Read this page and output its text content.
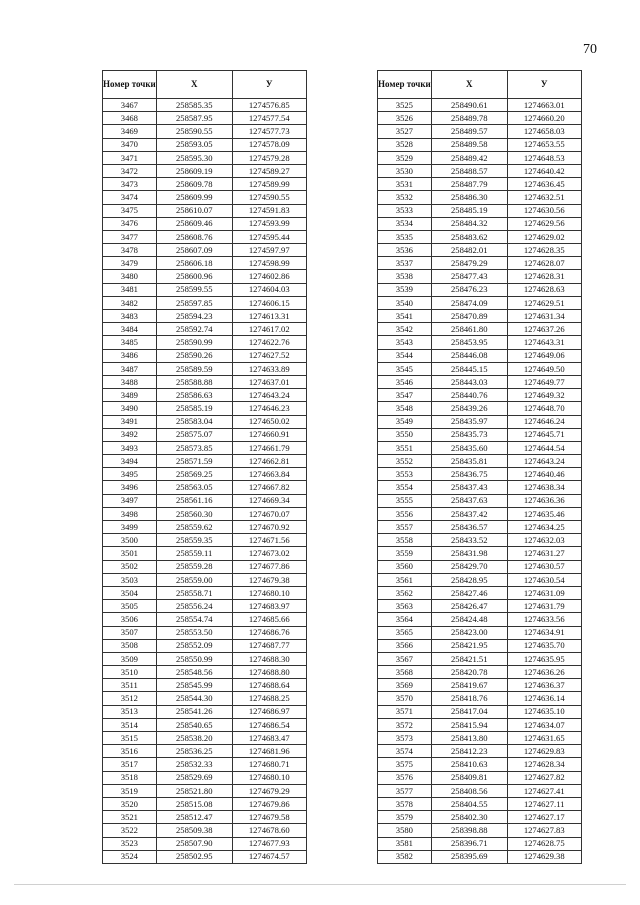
70
Номер точки	X	У
3467	258585.35	1274576.85
3468	258587.95	1274577.54
3469	258590.55	1274577.73
3470	258593.05	1274578.09
3471	258595.30	1274579.28
3472	258609.19	1274589.27
3473	258609.78	1274589.99
3474	258609.99	1274590.55
3475	258610.07	1274591.83
3476	258609.46	1274593.99
3477	258608.76	1274595.44
3478	258607.09	1274597.97
3479	258606.18	1274598.99
3480	258600.96	1274602.86
3481	258599.55	1274604.03
3482	258597.85	1274606.15
3483	258594.23	1274613.31
3484	258592.74	1274617.02
3485	258590.99	1274622.76
3486	258590.26	1274627.52
3487	258589.59	1274633.89
3488	258588.88	1274637.01
3489	258586.63	1274643.24
3490	258585.19	1274646.23
3491	258583.04	1274650.02
3492	258575.07	1274660.91
3493	258573.85	1274661.79
3494	258571.59	1274662.81
3495	258569.25	1274663.84
3496	258563.05	1274667.82
3497	258561.16	1274669.34
3498	258560.30	1274670.07
3499	258559.62	1274670.92
3500	258559.35	1274671.56
3501	258559.11	1274673.02
3502	258559.28	1274677.86
3503	258559.00	1274679.38
3504	258558.71	1274680.10
3505	258556.24	1274683.97
3506	258554.74	1274685.66
3507	258553.50	1274686.76
3508	258552.09	1274687.77
3509	258550.99	1274688.30
3510	258548.56	1274688.80
3511	258545.99	1274688.64
3512	258544.30	1274688.25
3513	258541.26	1274686.97
3514	258540.65	1274686.54
3515	258538.20	1274683.47
3516	258536.25	1274681.96
3517	258532.33	1274680.71
3518	258529.69	1274680.10
3519	258521.80	1274679.29
3520	258515.08	1274679.86
3521	258512.47	1274679.58
3522	258509.38	1274678.60
3523	258507.90	1274677.93
3524	258502.95	1274674.57
Номер точки	X	У
3525	258490.61	1274663.01
3526	258489.78	1274660.20
3527	258489.57	1274658.03
3528	258489.58	1274653.55
3529	258489.42	1274648.53
3530	258488.57	1274640.42
3531	258487.79	1274636.45
3532	258486.30	1274632.51
3533	258485.19	1274630.56
3534	258484.32	1274629.56
3535	258483.62	1274629.02
3536	258482.01	1274628.35
3537	258479.29	1274628.07
3538	258477.43	1274628.31
3539	258476.23	1274628.63
3540	258474.09	1274629.51
3541	258470.89	1274631.34
3542	258461.80	1274637.26
3543	258453.95	1274643.31
3544	258446.08	1274649.06
3545	258445.15	1274649.50
3546	258443.03	1274649.77
3547	258440.76	1274649.32
3548	258439.26	1274648.70
3549	258435.97	1274646.24
3550	258435.73	1274645.71
3551	258435.60	1274644.54
3552	258435.81	1274643.24
3553	258436.75	1274640.46
3554	258437.43	1274638.34
3555	258437.63	1274636.36
3556	258437.42	1274635.46
3557	258436.57	1274634.25
3558	258433.52	1274632.03
3559	258431.98	1274631.27
3560	258429.70	1274630.57
3561	258428.95	1274630.54
3562	258427.46	1274631.09
3563	258426.47	1274631.79
3564	258424.48	1274633.56
3565	258423.00	1274634.91
3566	258421.95	1274635.70
3567	258421.51	1274635.95
3568	258420.78	1274636.26
3569	258419.67	1274636.37
3570	258418.76	1274636.14
3571	258417.04	1274635.10
3572	258415.94	1274634.07
3573	258413.80	1274631.65
3574	258412.23	1274629.83
3575	258410.63	1274628.34
3576	258409.81	1274627.82
3577	258408.56	1274627.41
3578	258404.55	1274627.11
3579	258402.30	1274627.17
3580	258398.88	1274627.83
3581	258396.71	1274628.75
3582	258395.69	1274629.38
